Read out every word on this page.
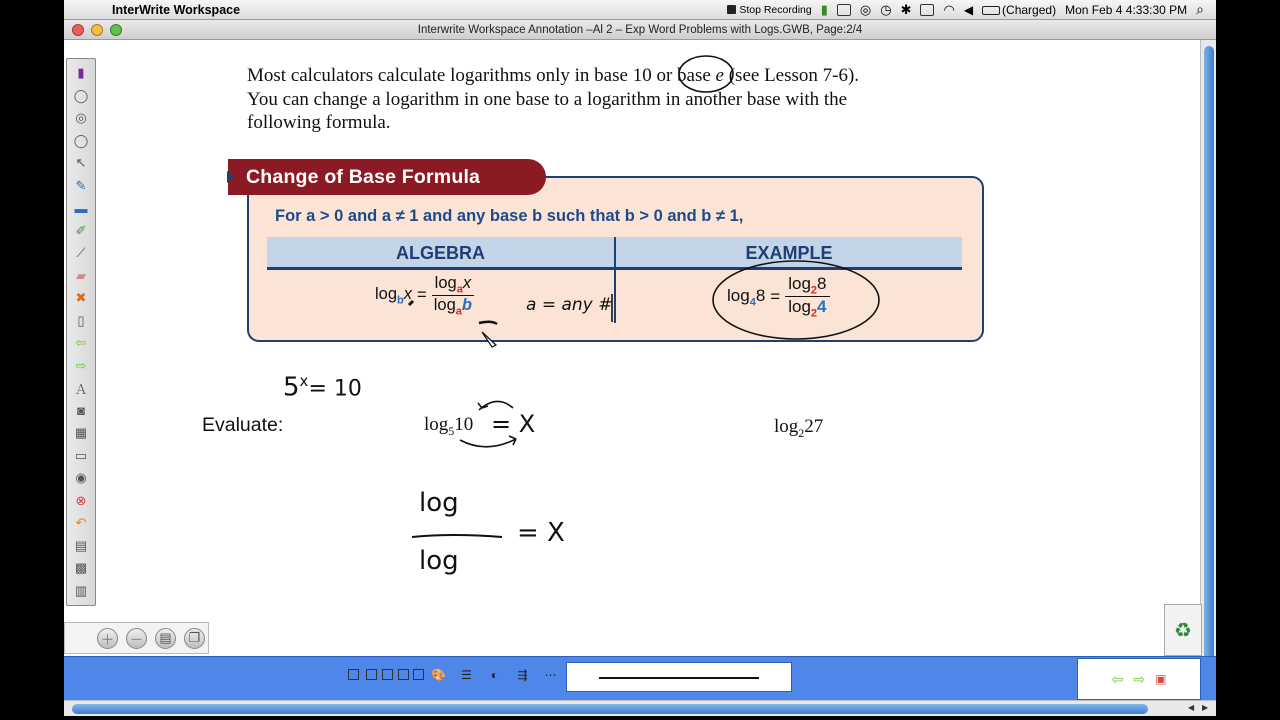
InterWrite Workspace	Stop Recording ▮ ◎ ◷ ✱ ◠ ◀	(Charged) Mon Feb 4 4:33:30 PM ⌕
Interwrite Workspace Annotation –Al 2 – Exp Word Problems with Logs.GWB, Page:2/4

Most calculators calculate logarithms only in base 10 or base e (see Lesson 7-6).

You can change a logarithm in one base to a logarithm in another base with the

following formula.

Change of Base Formula
For a > 0 and a ≠ 1 and any base b such that b > 0 and b ≠ 1,
ALGEBRA	EXAMPLE
$\log_bx = \frac{\log_ax}{\log_ab}$	$\log_48 = \frac{\log_28}{\log_24}$
a = any #
$5^x= 10$
Evaluate:	$\log_510 = X$	$\log_227$
log
log
= X
▮
◯
◎
◯
↖
✎
▬
✐
⟋
▰
✖
▯
⇦
⇨
Ａ
◙
▦
▭
◉
⊗
↶
▤
▩
▥
＋	－	▤	❐	♻
🎨 ☰	◐	⇶ ⋯	⇦ ⇨ ▣
◀ ▶
